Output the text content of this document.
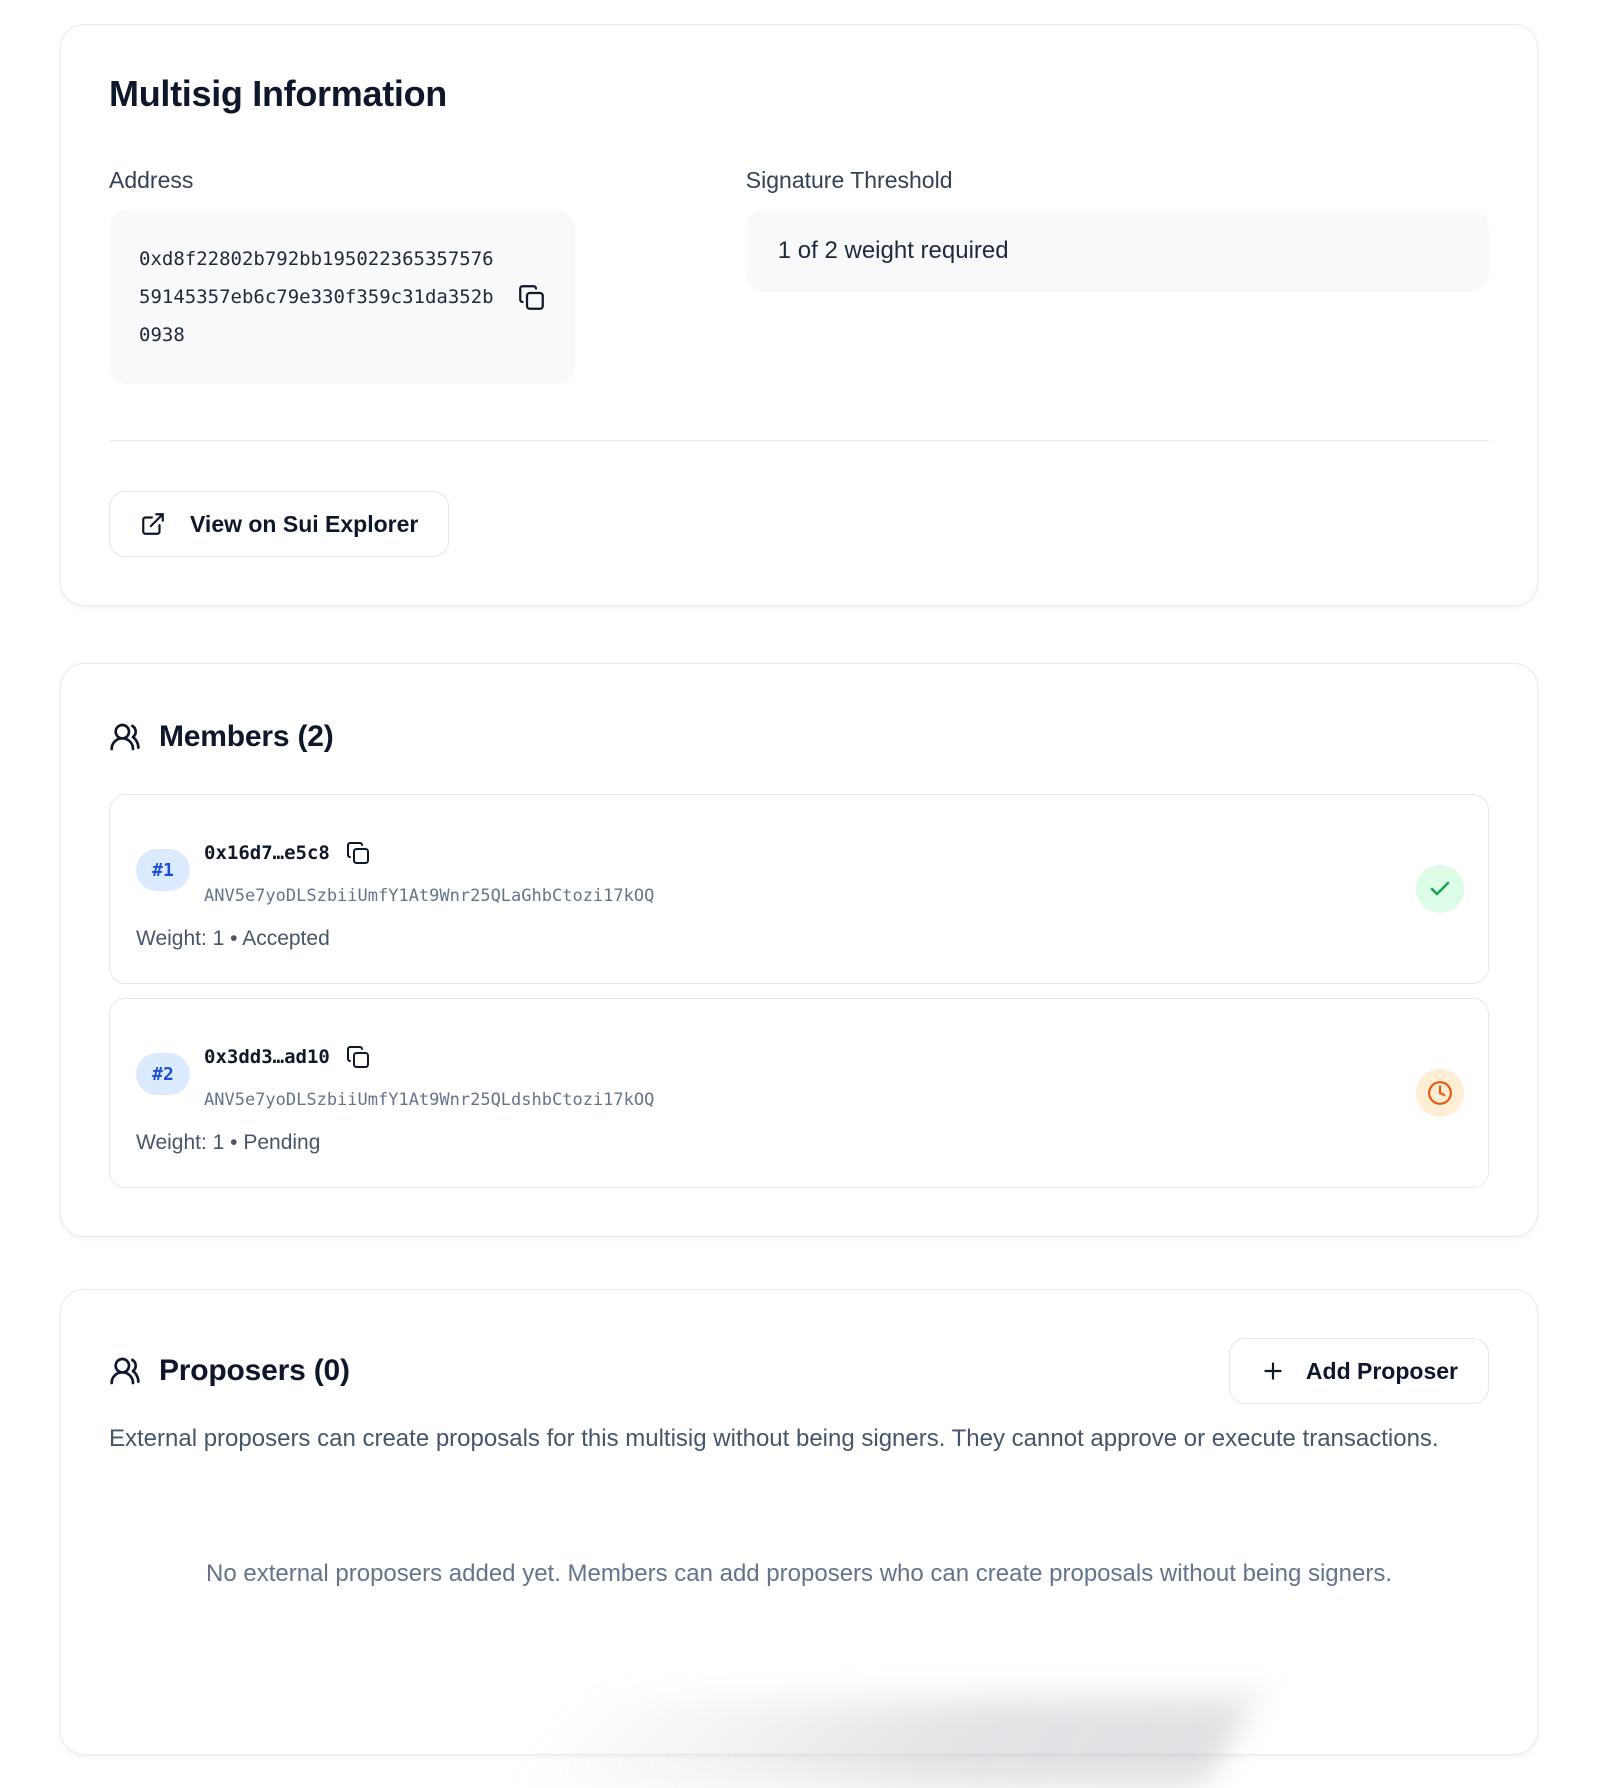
Multisig Information
Address
0xd8f22802b792bb19502236535757659145357eb6c79e330f359c31da352b0938
Signature Threshold
1 of 2 weight required
View on Sui Explorer
Members (2)
#1
0x16d7…e5c8
ANV5e7yoDLSzbiiUmfY1At9Wnr25QLaGhbCtozi17kOQ
Weight: 1 • Accepted
#2
0x3dd3…ad10
ANV5e7yoDLSzbiiUmfY1At9Wnr25QLdshbCtozi17kOQ
Weight: 1 • Pending
Proposers (0)	Add Proposer

External proposers can create proposals for this multisig without being signers. They cannot approve or execute transactions.

No external proposers added yet. Members can add proposers who can create proposals without being signers.
